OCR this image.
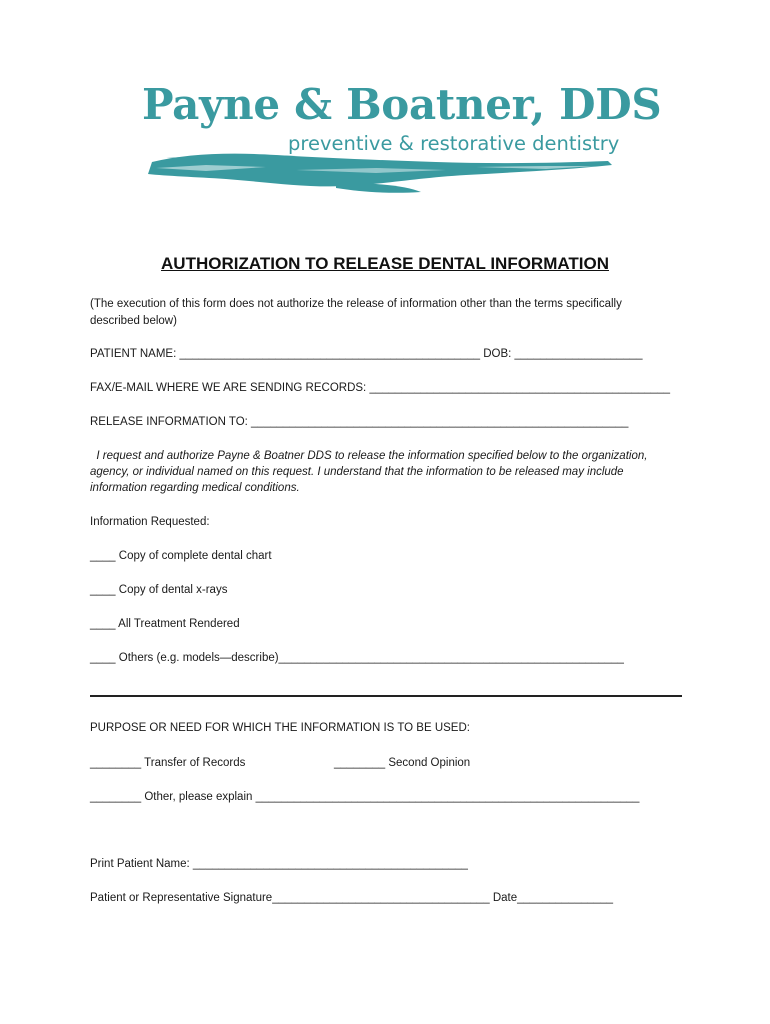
Payne & Boatner, DDS
preventive & restorative dentistry
AUTHORIZATION TO RELEASE DENTAL INFORMATION
(The execution of this form does not authorize the release of information other than the terms specifically
described below)
PATIENT NAME: _______________________________________________ DOB: ____________________
FAX/E-MAIL WHERE WE ARE SENDING RECORDS: _______________________________________________
RELEASE INFORMATION TO: ___________________________________________________________
I request and authorize Payne & Boatner DDS to release the information specified below to the organization,
agency, or individual named on this request. I understand that the information to be released may include
information regarding medical conditions.
Information Requested:
____ Copy of complete dental chart
____ Copy of dental x-rays
____ All Treatment Rendered
____ Others (e.g. models—describe)______________________________________________________
PURPOSE OR NEED FOR WHICH THE INFORMATION IS TO BE USED:
________ Transfer of Records	________ Second Opinion
________ Other, please explain ____________________________________________________________
Print Patient Name: ___________________________________________
Patient or Representative Signature__________________________________ Date_______________
